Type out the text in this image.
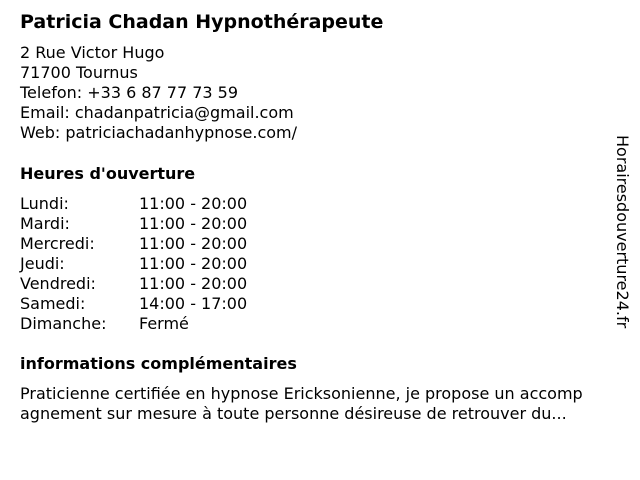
Patricia Chadan Hypnothérapeute
2 Rue Victor Hugo
71700 Tournus
Telefon: +33 6 87 77 73 59
Email: chadanpatricia@gmail.com
Web: patriciachadanhypnose.com/
Heures d'ouverture
Lundi:	11:00 - 20:00
Mardi:	11:00 - 20:00
Mercredi:	11:00 - 20:00
Jeudi:	11:00 - 20:00
Vendredi:	11:00 - 20:00
Samedi:	14:00 - 17:00
Dimanche:	Fermé
informations complémentaires
Praticienne certifiée en hypnose Ericksonienne, je propose un accomp
agnement sur mesure à toute personne désireuse de retrouver du...
Horairesdouverture24.fr
